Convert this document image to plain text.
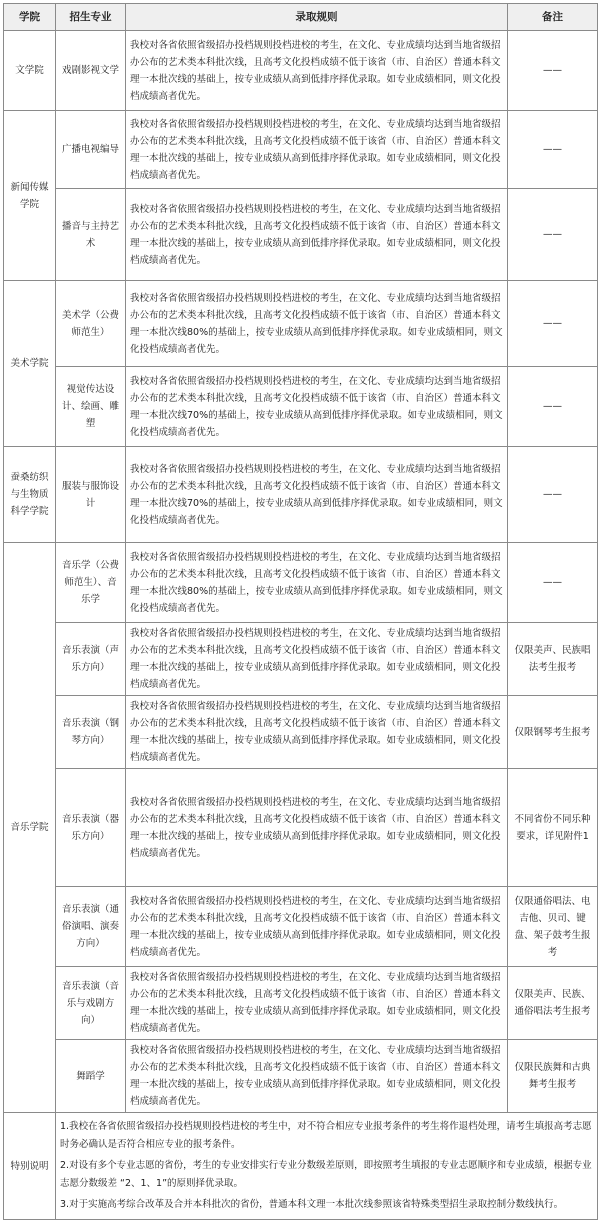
学院	招生专业	录取规则	备注
文学院	戏剧影视文学	我校对各省依照省级招办投档规则投档进校的考生，在文化、专业成绩均达到当地省级招办公布的艺术类本科批次线，且高考文化投档成绩不低于该省（市、自治区）普通本科文理一本批次线的基础上，按专业成绩从高到低排序择优录取。如专业成绩相同，则文化投档成绩高者优先。	——
新闻传媒学院	广播电视编导	我校对各省依照省级招办投档规则投档进校的考生，在文化、专业成绩均达到当地省级招办公布的艺术类本科批次线，且高考文化投档成绩不低于该省（市、自治区）普通本科文理一本批次线的基础上，按专业成绩从高到低排序择优录取。如专业成绩相同，则文化投档成绩高者优先。	——
	播音与主持艺术	我校对各省依照省级招办投档规则投档进校的考生，在文化、专业成绩均达到当地省级招办公布的艺术类本科批次线，且高考文化投档成绩不低于该省（市、自治区）普通本科文理一本批次线的基础上，按专业成绩从高到低排序择优录取。如专业成绩相同，则文化投档成绩高者优先。	——
美术学院	美术学（公费师范生）	我校对各省依照省级招办投档规则投档进校的考生，在文化、专业成绩均达到当地省级招办公布的艺术类本科批次线，且高考文化投档成绩不低于该省（市、自治区）普通本科文理一本批次线80%的基础上，按专业成绩从高到低排序择优录取。如专业成绩相同，则文化投档成绩高者优先。	——
	视觉传达设计、绘画、雕塑	我校对各省依照省级招办投档规则投档进校的考生，在文化、专业成绩均达到当地省级招办公布的艺术类本科批次线，且高考文化投档成绩不低于该省（市、自治区）普通本科文理一本批次线70%的基础上，按专业成绩从高到低排序择优录取。如专业成绩相同，则文化投档成绩高者优先。	——
蚕桑纺织与生物质科学学院	服装与服饰设计	我校对各省依照省级招办投档规则投档进校的考生，在文化、专业成绩均达到当地省级招办公布的艺术类本科批次线，且高考文化投档成绩不低于该省（市、自治区）普通本科文理一本批次线70%的基础上，按专业成绩从高到低排序择优录取。如专业成绩相同，则文化投档成绩高者优先。	——
音乐学院	音乐学（公费师范生）、音乐学	我校对各省依照省级招办投档规则投档进校的考生，在文化、专业成绩均达到当地省级招办公布的艺术类本科批次线，且高考文化投档成绩不低于该省（市、自治区）普通本科文理一本批次线80%的基础上，按专业成绩从高到低排序择优录取。如专业成绩相同，则文化投档成绩高者优先。	——
	音乐表演（声乐方向）	我校对各省依照省级招办投档规则投档进校的考生，在文化、专业成绩均达到当地省级招办公布的艺术类本科批次线，且高考文化投档成绩不低于该省（市、自治区）普通本科文理一本批次线的基础上，按专业成绩从高到低排序择优录取。如专业成绩相同，则文化投档成绩高者优先。	仅限美声、民族唱法考生报考
	音乐表演（钢琴方向）	我校对各省依照省级招办投档规则投档进校的考生，在文化、专业成绩均达到当地省级招办公布的艺术类本科批次线，且高考文化投档成绩不低于该省（市、自治区）普通本科文理一本批次线的基础上，按专业成绩从高到低排序择优录取。如专业成绩相同，则文化投档成绩高者优先。	仅限钢琴考生报考
	音乐表演（器乐方向）	我校对各省依照省级招办投档规则投档进校的考生，在文化、专业成绩均达到当地省级招办公布的艺术类本科批次线，且高考文化投档成绩不低于该省（市、自治区）普通本科文理一本批次线的基础上，按专业成绩从高到低排序择优录取。如专业成绩相同，则文化投档成绩高者优先。	不同省份不同乐种要求，详见附件1
	音乐表演（通俗演唱、演奏方向）	我校对各省依照省级招办投档规则投档进校的考生，在文化、专业成绩均达到当地省级招办公布的艺术类本科批次线，且高考文化投档成绩不低于该省（市、自治区）普通本科文理一本批次线的基础上，按专业成绩从高到低排序择优录取。如专业成绩相同，则文化投档成绩高者优先。	仅限通俗唱法、电吉他、贝司、键盘、架子鼓考生报考
	音乐表演（音乐与戏剧方向）	我校对各省依照省级招办投档规则投档进校的考生，在文化、专业成绩均达到当地省级招办公布的艺术类本科批次线，且高考文化投档成绩不低于该省（市、自治区）普通本科文理一本批次线的基础上，按专业成绩从高到低排序择优录取。如专业成绩相同，则文化投档成绩高者优先。	仅限美声、民族、通俗唱法考生报考
	舞蹈学	我校对各省依照省级招办投档规则投档进校的考生，在文化、专业成绩均达到当地省级招办公布的艺术类本科批次线，且高考文化投档成绩不低于该省（市、自治区）普通本科文理一本批次线的基础上，按专业成绩从高到低排序择优录取。如专业成绩相同，则文化投档成绩高者优先。	仅限民族舞和古典舞考生报考
特别说明	1.我校在各省依照省级招办投档规则投档进校的考生中，对不符合相应专业报考条件的考生将作退档处理，请考生填报高考志愿时务必确认是否符合相应专业的报考条件。

2.对设有多个专业志愿的省份，考生的专业安排实行专业分数级差原则，即按照考生填报的专业志愿顺序和专业成绩，根据专业志愿分数级差 “2、1、1”的原则择优录取。

3.对于实施高考综合改革及合并本科批次的省份，普通本科文理一本批次线参照该省特殊类型招生录取控制分数线执行。		
